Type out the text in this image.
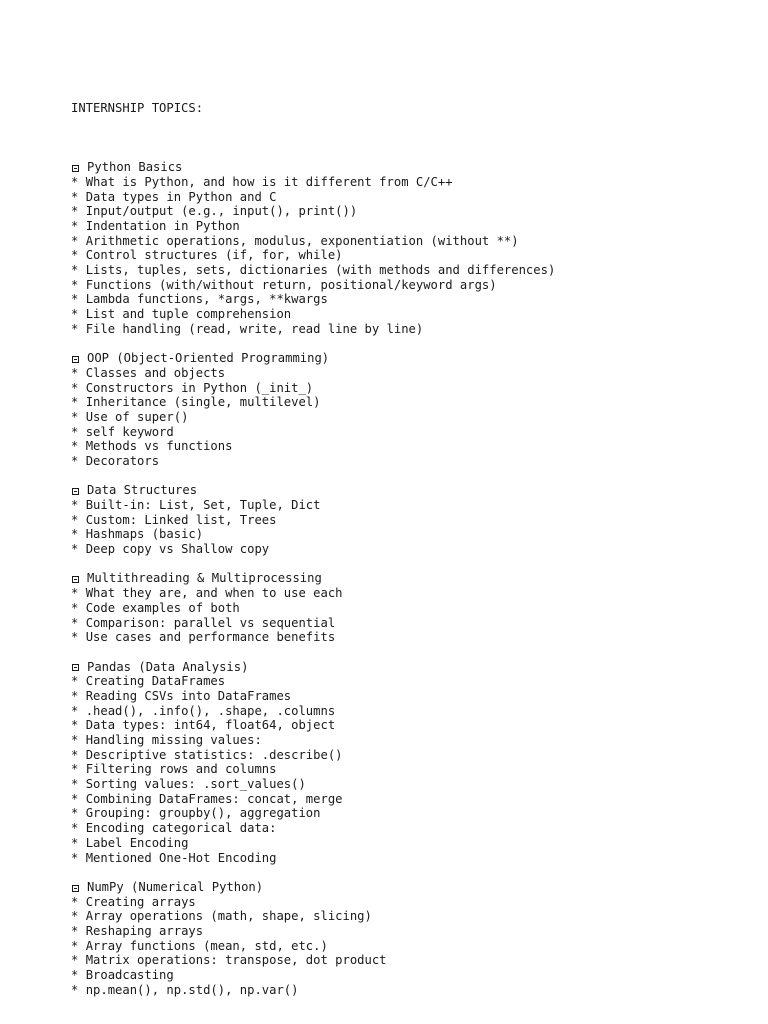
INTERNSHIP TOPICS:

Python Basics
* What is Python, and how is it different from C/C++
* Data types in Python and C
* Input/output (e.g., input(), print())
* Indentation in Python
* Arithmetic operations, modulus, exponentiation (without **)
* Control structures (if, for, while)
* Lists, tuples, sets, dictionaries (with methods and differences)
* Functions (with/without return, positional/keyword args)
* Lambda functions, *args, **kwargs
* List and tuple comprehension
* File handling (read, write, read line by line)
OOP (Object-Oriented Programming)
* Classes and objects
* Constructors in Python (_init_)
* Inheritance (single, multilevel)
* Use of super()
* self keyword
* Methods vs functions
* Decorators
Data Structures
* Built-in: List, Set, Tuple, Dict
* Custom: Linked list, Trees
* Hashmaps (basic)
* Deep copy vs Shallow copy
Multithreading & Multiprocessing
* What they are, and when to use each
* Code examples of both
* Comparison: parallel vs sequential
* Use cases and performance benefits
Pandas (Data Analysis)
* Creating DataFrames
* Reading CSVs into DataFrames
* .head(), .info(), .shape, .columns
* Data types: int64, float64, object
* Handling missing values:
* Descriptive statistics: .describe()
* Filtering rows and columns
* Sorting values: .sort_values()
* Combining DataFrames: concat, merge
* Grouping: groupby(), aggregation
* Encoding categorical data:
* Label Encoding
* Mentioned One-Hot Encoding
NumPy (Numerical Python)
* Creating arrays
* Array operations (math, shape, slicing)
* Reshaping arrays
* Array functions (mean, std, etc.)
* Matrix operations: transpose, dot product
* Broadcasting
* np.mean(), np.std(), np.var()
